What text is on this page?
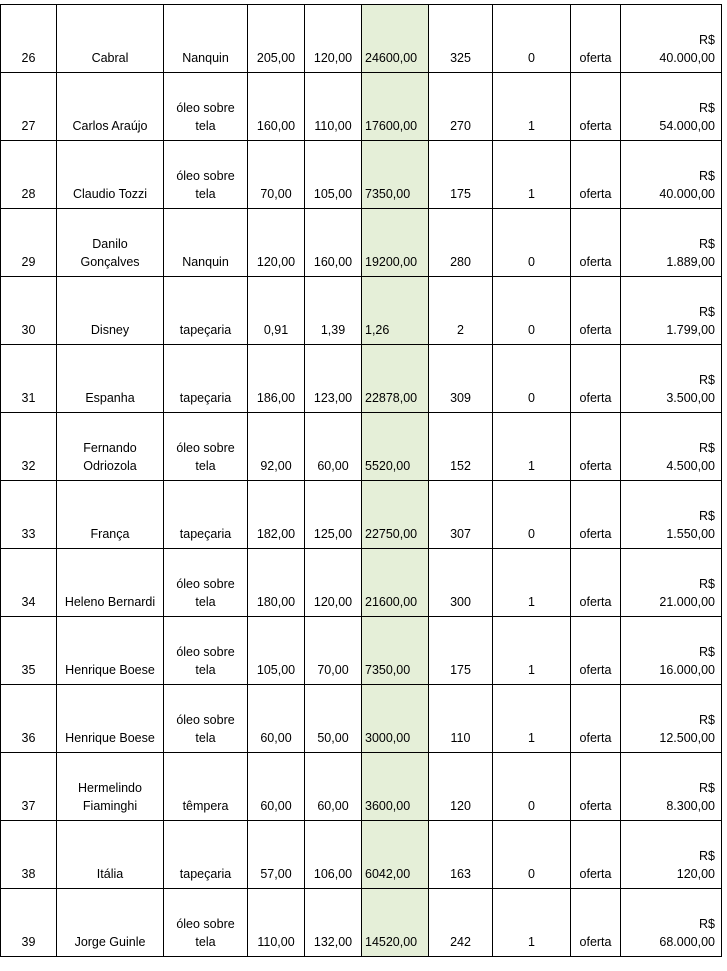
26	Cabral	Nanquin	205,00	120,00	24600,00	325	0	oferta	R$
40.000,00

27	Carlos Araújo	óleo sobre
tela	160,00	110,00	17600,00	270	1	oferta	R$
54.000,00

28	Claudio Tozzi	óleo sobre
tela	70,00	105,00	7350,00	175	1	oferta	R$
40.000,00

29	Danilo
Gonçalves	Nanquin	120,00	160,00	19200,00	280	0	oferta	R$
1.889,00

30	Disney	tapeçaria	0,91	1,39	1,26	2	0	oferta	R$
1.799,00

31	Espanha	tapeçaria	186,00	123,00	22878,00	309	0	oferta	R$
3.500,00

32	Fernando
Odriozola	óleo sobre
tela	92,00	60,00	5520,00	152	1	oferta	R$
4.500,00

33	França	tapeçaria	182,00	125,00	22750,00	307	0	oferta	R$
1.550,00

34	Heleno Bernardi	óleo sobre
tela	180,00	120,00	21600,00	300	1	oferta	R$
21.000,00

35	Henrique Boese	óleo sobre
tela	105,00	70,00	7350,00	175	1	oferta	R$
16.000,00

36	Henrique Boese	óleo sobre
tela	60,00	50,00	3000,00	110	1	oferta	R$
12.500,00

37	Hermelindo
Fiaminghi	têmpera	60,00	60,00	3600,00	120	0	oferta	R$
8.300,00

38	Itália	tapeçaria	57,00	106,00	6042,00	163	0	oferta	R$
120,00

39	Jorge Guinle	óleo sobre
tela	110,00	132,00	14520,00	242	1	oferta	R$
68.000,00
